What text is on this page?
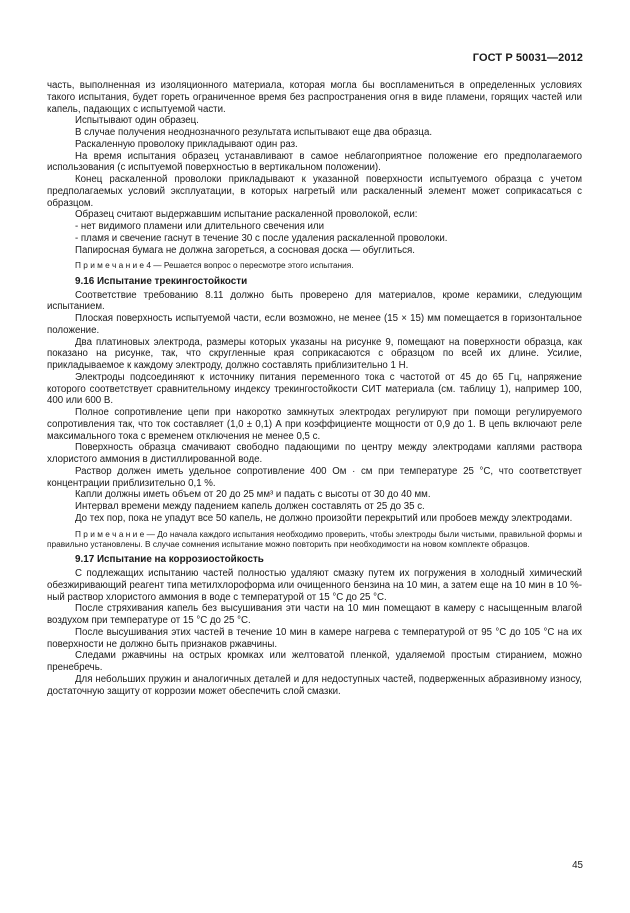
ГОСТ Р 50031—2012

часть, выполненная из изоляционного материала, которая могла бы воспламениться в определенных условиях такого испытания, будет гореть ограниченное время без распространения огня в виде пламени, горящих частей или капель, падающих с испытуемой части.

Испытывают один образец.

В случае получения неоднозначного результата испытывают еще два образца.

Раскаленную проволоку прикладывают один раз.

На время испытания образец устанавливают в самое неблагоприятное положение его предполагаемого использования (с испытуемой поверхностью в вертикальном положении).

Конец раскаленной проволоки прикладывают к указанной поверхности испытуемого образца с учетом предполагаемых условий эксплуатации, в которых нагретый или раскаленный элемент может соприкасаться с образцом.

Образец считают выдержавшим испытание раскаленной проволокой, если:

- нет видимого пламени или длительного свечения или

- пламя и свечение гаснут в течение 30 с после удаления раскаленной проволоки.

Папиросная бумага не должна загореться, а сосновая доска — обуглиться.

П р и м е ч а н и е 4 — Решается вопрос о пересмотре этого испытания.

9.16 Испытание трекингостойкости

Соответствие требованию 8.11 должно быть проверено для материалов, кроме керамики, следующим испытанием.

Плоская поверхность испытуемой части, если возможно, не менее (15 × 15) мм помещается в горизонтальное положение.

Два платиновых электрода, размеры которых указаны на рисунке 9, помещают на поверхности образца, как показано на рисунке, так, что скругленные края соприкасаются с образцом по всей их длине. Усилие, прикладываемое к каждому электроду, должно составлять приблизительно 1 Н.

Электроды подсоединяют к источнику питания переменного тока с частотой от 45 до 65 Гц, напряжение которого соответствует сравнительному индексу трекингостойкости СИТ материала (см. таблицу 1), например 100, 400 или 600 В.

Полное сопротивление цепи при накоротко замкнутых электродах регулируют при помощи регулируемого сопротивления так, что ток составляет (1,0 ± 0,1) А при коэффициенте мощности от 0,9 до 1. В цепь включают реле максимального тока с временем отключения не менее 0,5 с.

Поверхность образца смачивают свободно падающими по центру между электродами каплями раствора хлористого аммония в дистиллированной воде.

Раствор должен иметь удельное сопротивление 400 Ом · см при температуре 25 °С, что соответствует концентрации приблизительно 0,1 %.

Капли должны иметь объем от 20 до 25 мм³ и падать с высоты от 30 до 40 мм.

Интервал времени между падением капель должен составлять от 25 до 35 с.

До тех пор, пока не упадут все 50 капель, не должно произойти перекрытий или пробоев между электродами.

П р и м е ч а н и е — До начала каждого испытания необходимо проверить, чтобы электроды были чистыми, правильной формы и правильно установлены. В случае сомнения испытание можно повторить при необходимости на новом комплекте образцов.

9.17 Испытание на коррозиостойкость

С подлежащих испытанию частей полностью удаляют смазку путем их погружения в холодный химический обезжиривающий реагент типа метилхлороформа или очищенного бензина на 10 мин, а затем еще на 10 мин в 10 %-ный раствор хлористого аммония в воде с температурой от 15 °С до 25 °С.

После стряхивания капель без высушивания эти части на 10 мин помещают в камеру с насыщенным влагой воздухом при температуре от 15 °С до 25 °С.

После высушивания этих частей в течение 10 мин в камере нагрева с температурой от 95 °С до 105 °С на их поверхности не должно быть признаков ржавчины.

Следами ржавчины на острых кромках или желтоватой пленкой, удаляемой простым стиранием, можно пренебречь.

Для небольших пружин и аналогичных деталей и для недоступных частей, подверженных абразивному износу, достаточную защиту от коррозии может обеспечить слой смазки.

45
